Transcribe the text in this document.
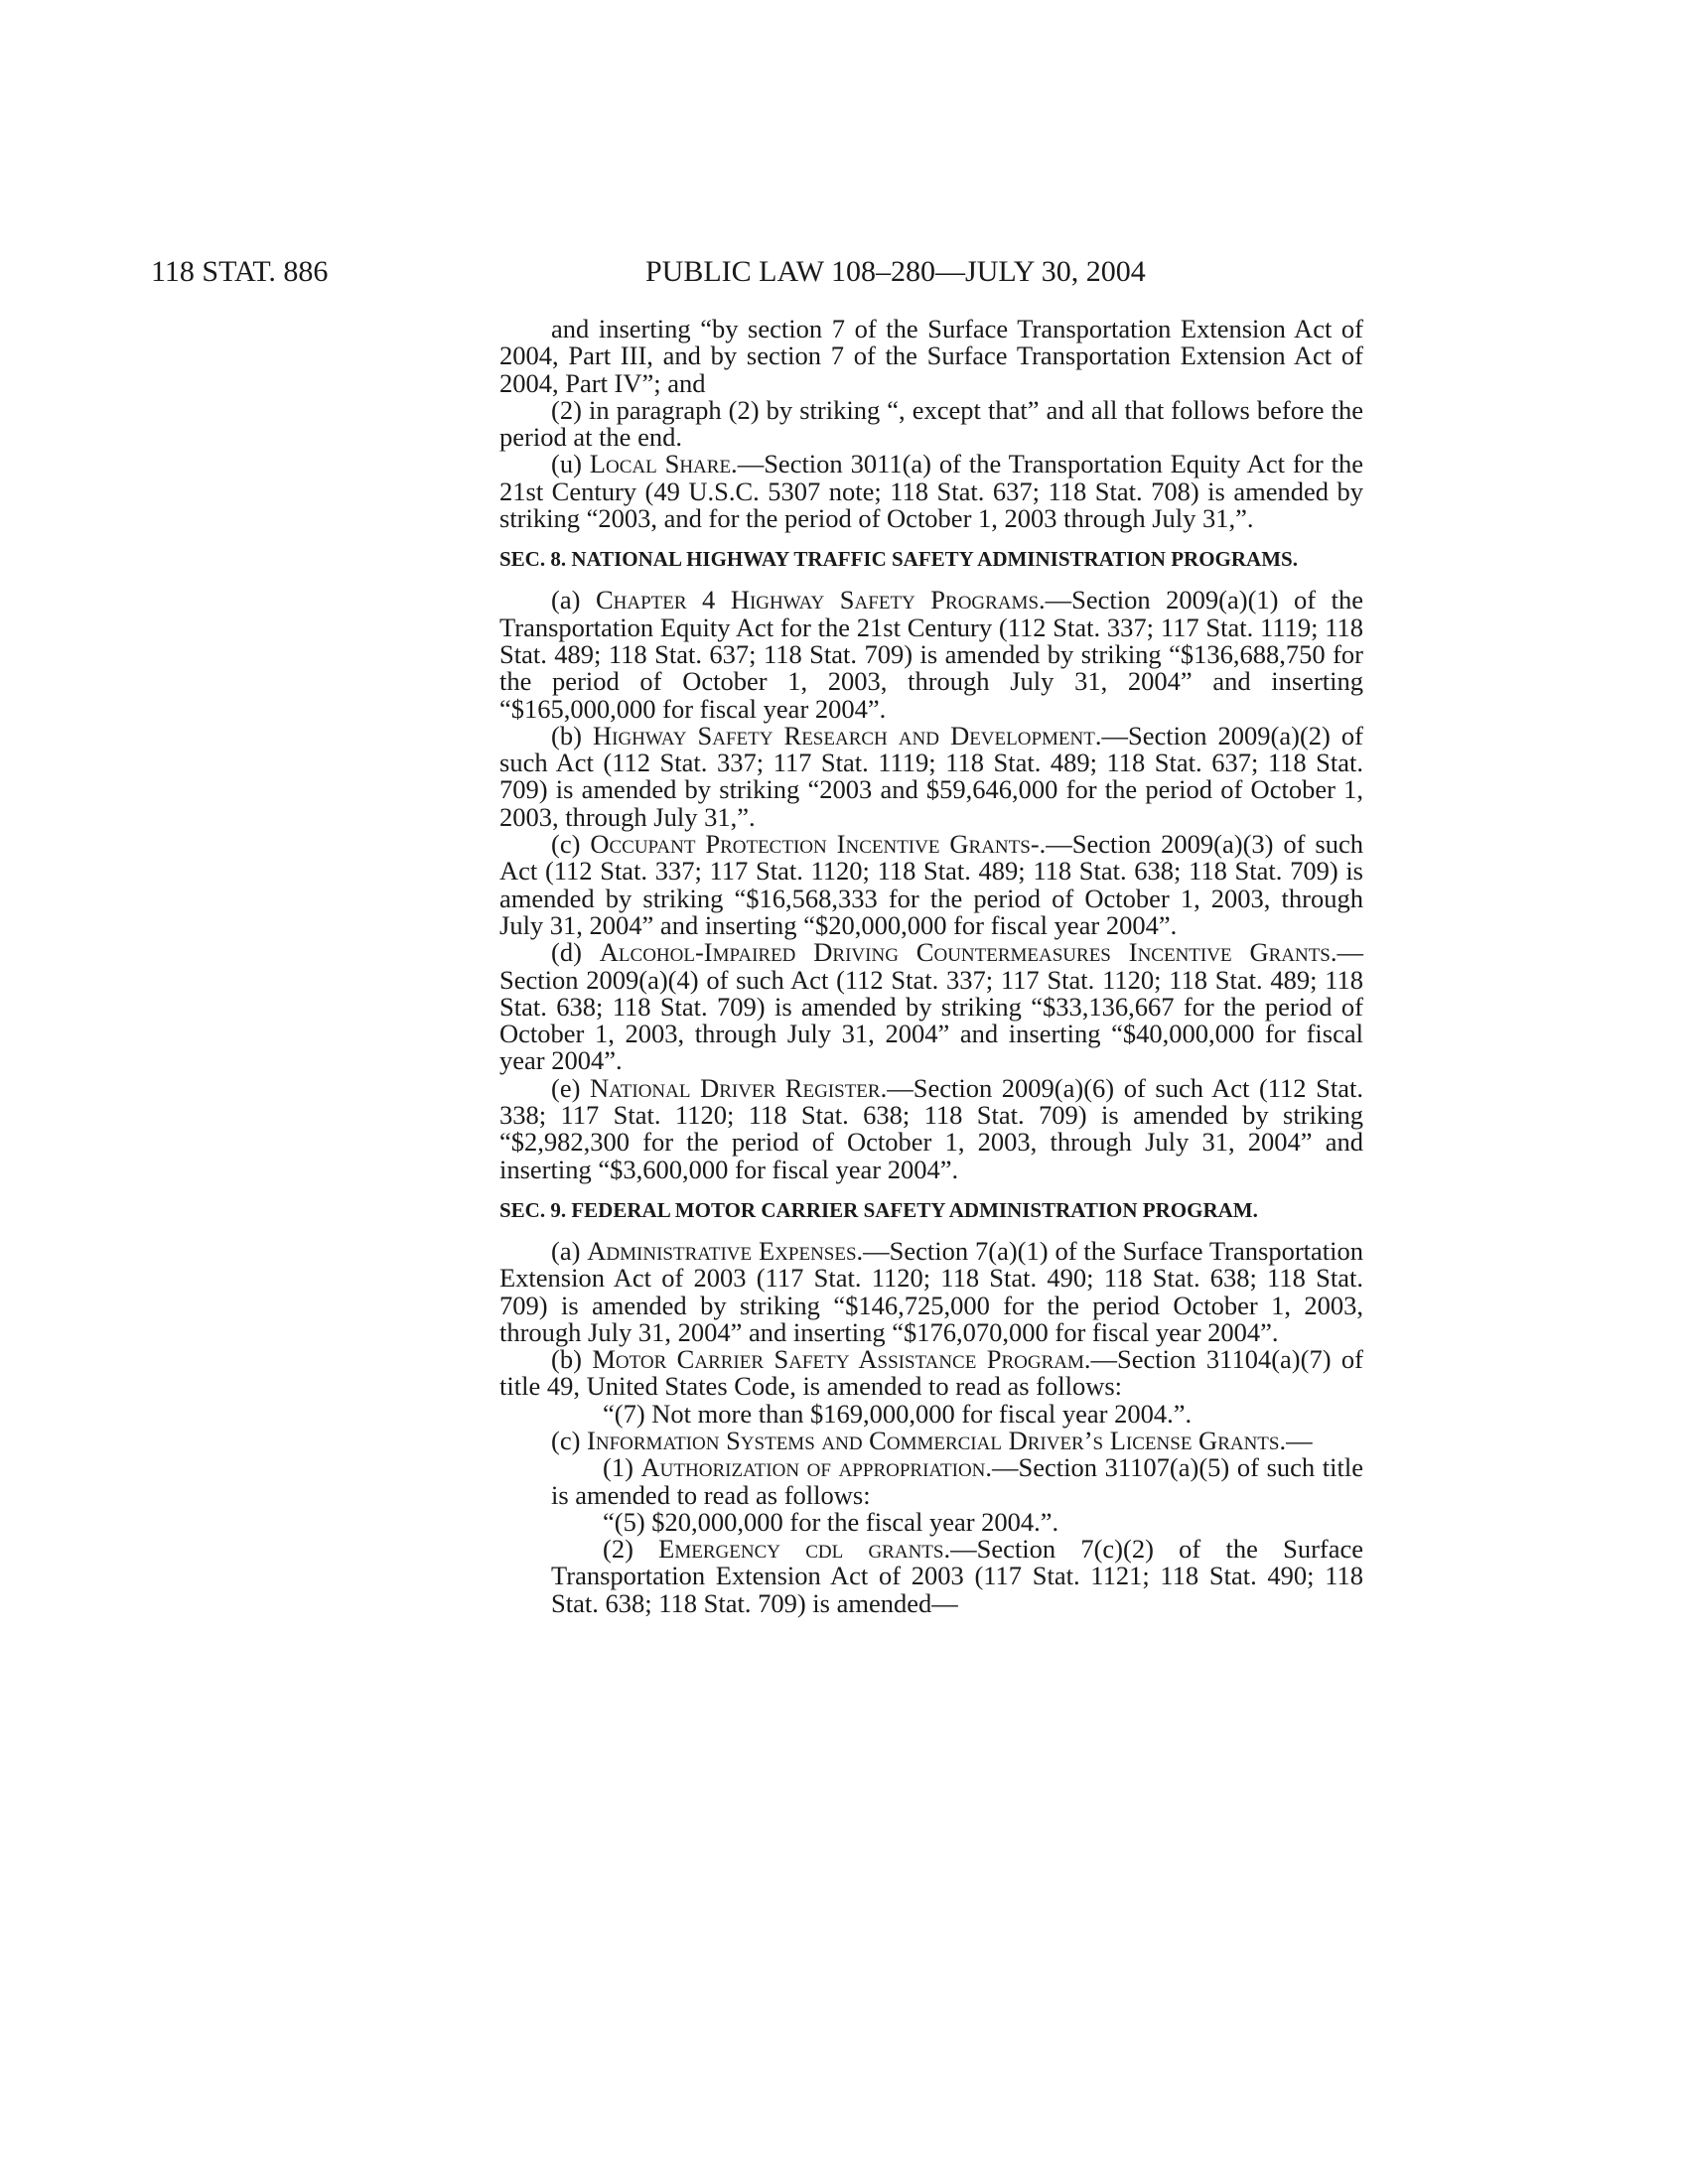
118 STAT. 886	PUBLIC LAW 108–280—JULY 30, 2004

and inserting “by section 7 of the Surface Transportation Extension Act of 2004, Part III, and by section 7 of the Surface Transportation Extension Act of 2004, Part IV”; and

(2) in paragraph (2) by striking “, except that” and all that follows before the period at the end.

(u) Local Share.—Section 3011(a) of the Transportation Equity Act for the 21st Century (49 U.S.C. 5307 note; 118 Stat. 637; 118 Stat. 708) is amended by striking “2003, and for the period of October 1, 2003 through July 31,”.

SEC. 8. NATIONAL HIGHWAY TRAFFIC SAFETY ADMINISTRATION PROGRAMS.

(a) Chapter 4 Highway Safety Programs.—Section 2009(a)(1) of the Transportation Equity Act for the 21st Century (112 Stat. 337; 117 Stat. 1119; 118 Stat. 489; 118 Stat. 637; 118 Stat. 709) is amended by striking “$136,688,750 for the period of October 1, 2003, through July 31, 2004” and inserting “$165,000,000 for fiscal year 2004”.

(b) Highway Safety Research and Development.—Section 2009(a)(2) of such Act (112 Stat. 337; 117 Stat. 1119; 118 Stat. 489; 118 Stat. 637; 118 Stat. 709) is amended by striking “2003 and $59,646,000 for the period of October 1, 2003, through July 31,”.

(c) Occupant Protection Incentive Grants-.—Section 2009(a)(3) of such Act (112 Stat. 337; 117 Stat. 1120; 118 Stat. 489; 118 Stat. 638; 118 Stat. 709) is amended by striking “$16,568,333 for the period of October 1, 2003, through July 31, 2004” and inserting “$20,000,000 for fiscal year 2004”.

(d) Alcohol-Impaired Driving Countermeasures Incentive Grants.—Section 2009(a)(4) of such Act (112 Stat. 337; 117 Stat. 1120; 118 Stat. 489; 118 Stat. 638; 118 Stat. 709) is amended by striking “$33,136,667 for the period of October 1, 2003, through July 31, 2004” and inserting “$40,000,000 for fiscal year 2004”.

(e) National Driver Register.—Section 2009(a)(6) of such Act (112 Stat. 338; 117 Stat. 1120; 118 Stat. 638; 118 Stat. 709) is amended by striking “$2,982,300 for the period of October 1, 2003, through July 31, 2004” and inserting “$3,600,000 for fiscal year 2004”.

SEC. 9. FEDERAL MOTOR CARRIER SAFETY ADMINISTRATION PROGRAM.

(a) Administrative Expenses.—Section 7(a)(1) of the Surface Transportation Extension Act of 2003 (117 Stat. 1120; 118 Stat. 490; 118 Stat. 638; 118 Stat. 709) is amended by striking “$146,725,000 for the period October 1, 2003, through July 31, 2004” and inserting “$176,070,000 for fiscal year 2004”.

(b) Motor Carrier Safety Assistance Program.—Section 31104(a)(7) of title 49, United States Code, is amended to read as follows:

“(7) Not more than $169,000,000 for fiscal year 2004.”.

(c) Information Systems and Commercial Driver’s License Grants.—

(1) Authorization of appropriation.—Section 31107(a)(5) of such title is amended to read as follows:

“(5) $20,000,000 for the fiscal year 2004.”.

(2) Emergency cdl grants.—Section 7(c)(2) of the Surface Transportation Extension Act of 2003 (117 Stat. 1121; 118 Stat. 490; 118 Stat. 638; 118 Stat. 709) is amended—
